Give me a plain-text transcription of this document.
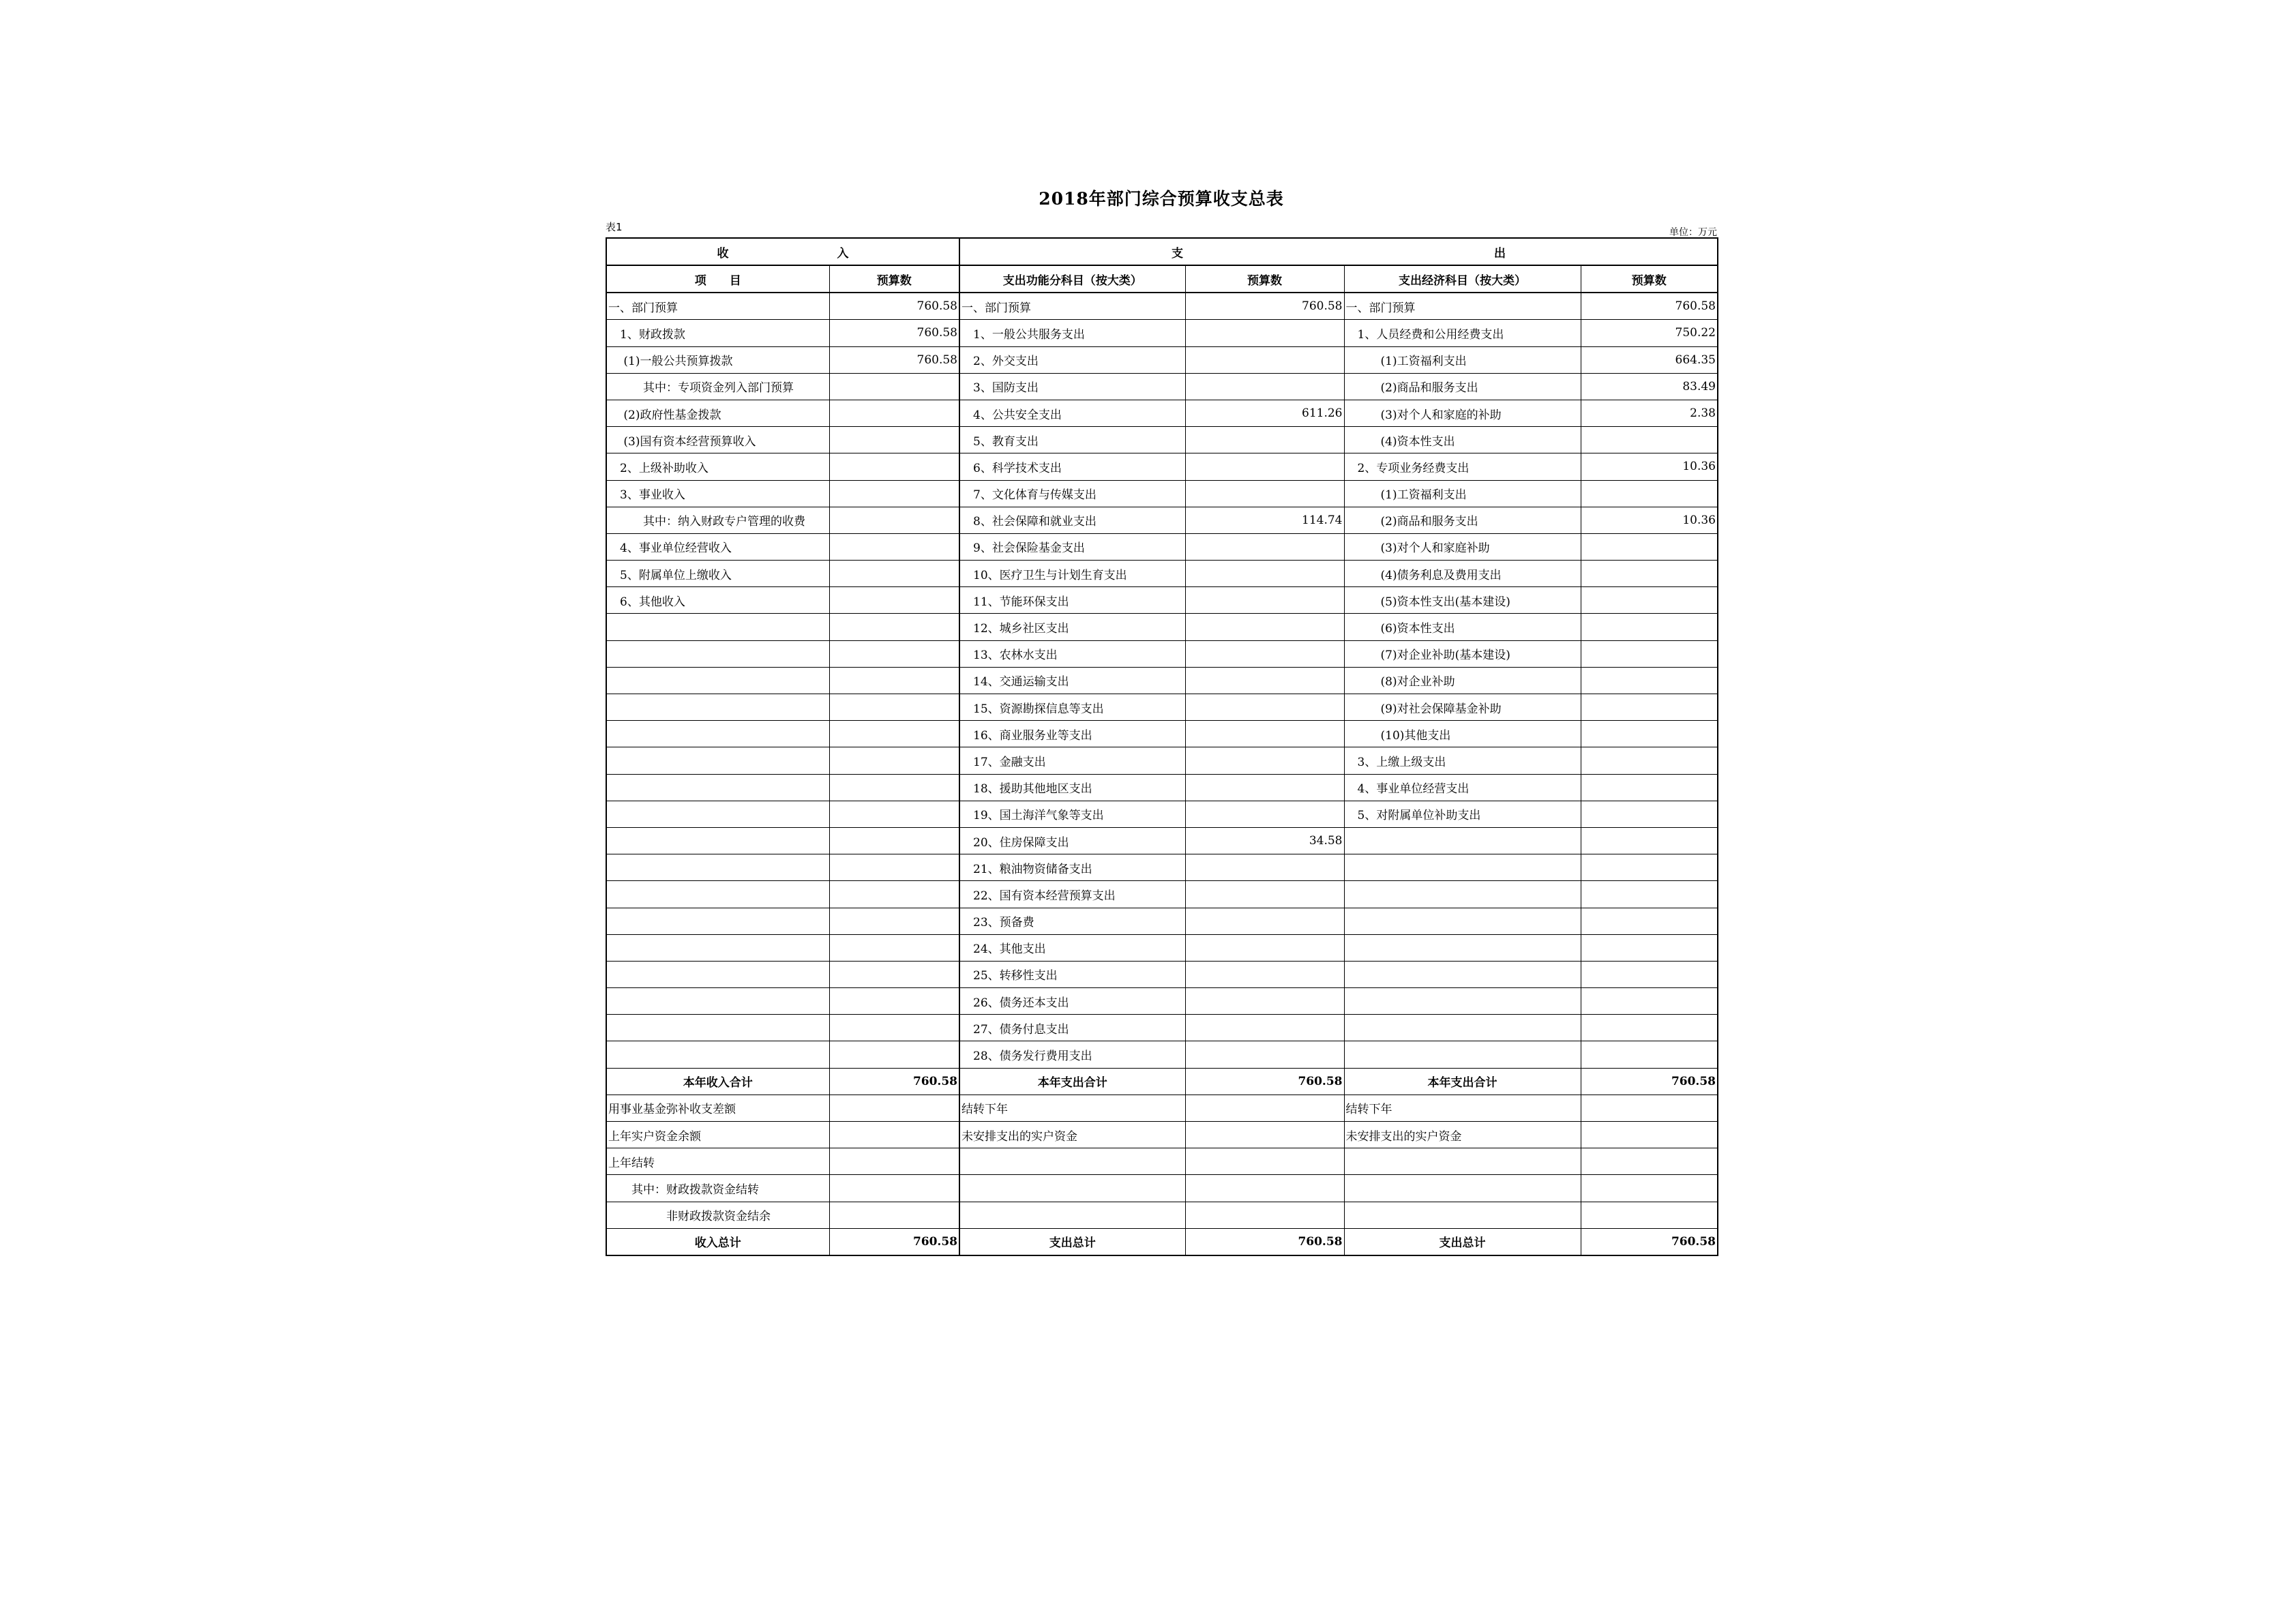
2018年部门综合预算收支总表
表1	单位：万元
收 入		支 出			

项　　目	预算数	支出功能分科目（按大类）	预算数	支出经济科目（按大类）	预算数
一、部门预算	760.58	一、部门预算	760.58	一、部门预算	760.58
　1、财政拨款	760.58	　1、一般公共服务支出		　1、人员经费和公用经费支出	750.22
　 (1)一般公共预算拨款	760.58	　2、外交支出		　　　(1)工资福利支出	664.35
　　　其中：专项资金列入部门预算		　3、国防支出		　　　(2)商品和服务支出	83.49
　 (2)政府性基金拨款		　4、公共安全支出	611.26	　　　(3)对个人和家庭的补助	2.38
　 (3)国有资本经营预算收入		　5、教育支出		　　　(4)资本性支出	
　2、上级补助收入		　6、科学技术支出		　2、专项业务经费支出	10.36
　3、事业收入		　7、文化体育与传媒支出		　　　(1)工资福利支出	
　　　其中：纳入财政专户管理的收费		　8、社会保障和就业支出	114.74	　　　(2)商品和服务支出	10.36
　4、事业单位经营收入		　9、社会保险基金支出		　　　(3)对个人和家庭补助	
　5、附属单位上缴收入		　10、医疗卫生与计划生育支出		　　　(4)债务利息及费用支出	
　6、其他收入		　11、节能环保支出		　　　(5)资本性支出(基本建设)	
		　12、城乡社区支出		　　　(6)资本性支出	
		　13、农林水支出		　　　(7)对企业补助(基本建设)	
		　14、交通运输支出		　　　(8)对企业补助	
		　15、资源勘探信息等支出		　　　(9)对社会保障基金补助	
		　16、商业服务业等支出		　　　(10)其他支出	
		　17、金融支出		　3、上缴上级支出	
		　18、援助其他地区支出		　4、事业单位经营支出	
		　19、国土海洋气象等支出		　5、对附属单位补助支出	
		　20、住房保障支出	34.58		
		　21、粮油物资储备支出			
		　22、国有资本经营预算支出			
		　23、预备费			
		　24、其他支出			
		　25、转移性支出			
		　26、债务还本支出			
		　27、债务付息支出			
		　28、债务发行费用支出			
本年收入合计	760.58	本年支出合计	760.58	本年支出合计	760.58
用事业基金弥补收支差额		结转下年		结转下年	
上年实户资金余额		未安排支出的实户资金		未安排支出的实户资金	
上年结转					
　　其中：财政拨款资金结转					
　　　　　非财政拨款资金结余					
收入总计	760.58	支出总计	760.58	支出总计	760.58
